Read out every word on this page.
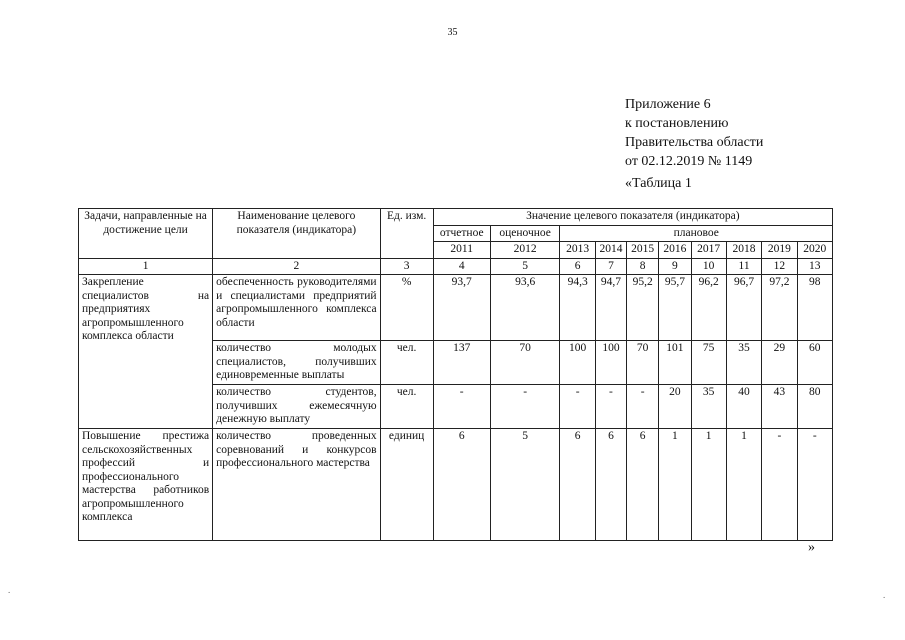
35
Приложение 6
к постановлению
Правительства области
от 02.12.2019 № 1149
«Таблица 1
Задачи, направленные на достижение цели	Наименование целевого показателя (индикатора)	Ед. изм.	Значение целевого показателя (индикатора)									
			отчетное	оценочное	плановое							
			2011	2012	2013	2014	2015	2016	2017	2018	2019	2020
1	2	3	4	5	6	7	8	9	10	11	12	13
Закрепление специалистов на предприятиях агропромышленного комплекса области	обеспеченность руководителями и специалистами предприятий агропромышленного комплекса области	%	93,7	93,6	94,3	94,7	95,2	95,7	96,2	96,7	97,2	98
	количество молодых специалистов, получивших единовременные выплаты	чел.	137	70	100	100	70	101	75	35	29	60
	количество студентов, получивших ежемесячную денежную выплату	чел.	-	-	-	-	-	20	35	40	43	80
Повышение престижа сельскохозяйственных профессий и профессионального мастерства работников агропромышленного комплекса	количество проведенных соревнований и конкурсов профессионального мастерства	единиц	6	5	6	6	6	1	1	1	-	-
»
.	.
